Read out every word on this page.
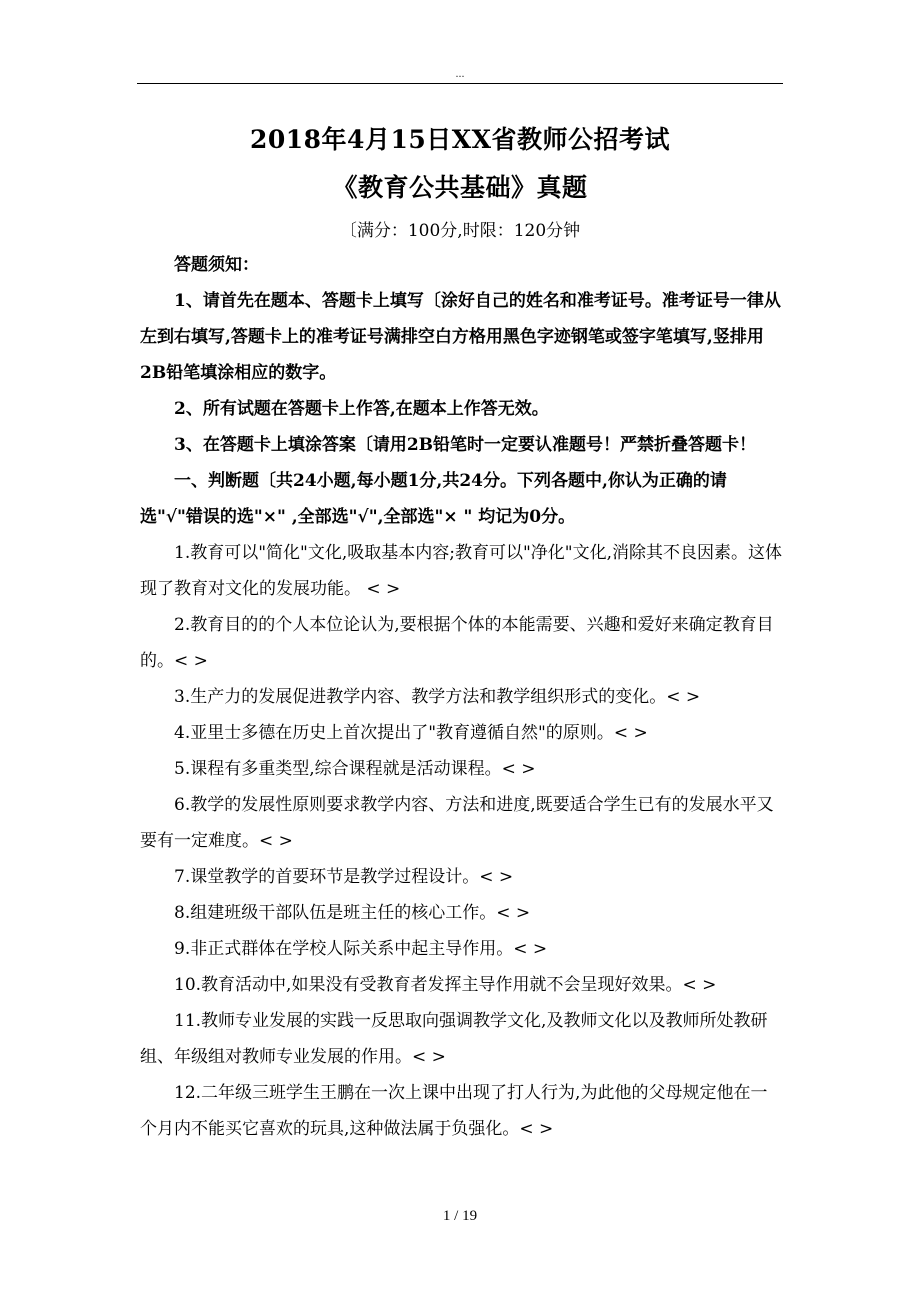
...
2018年4月15日XX省教师公招考试
《教育公共基础》真题
〔满分：100分,时限：120分钟

答题须知：

1、请首先在题本、答题卡上填写〔涂好自己的姓名和准考证号。准考证号一律从左到右填写,答题卡上的准考证号满排空白方格用黑色字迹钢笔或签字笔填写,竖排用2B铅笔填涂相应的数字。

2、所有试题在答题卡上作答,在题本上作答无效。

3、在答题卡上填涂答案〔请用2B铅笔时一定要认准题号！严禁折叠答题卡！

一、判断题〔共24小题,每小题1分,共24分。下列各题中,你认为正确的请选"√"错误的选"×" ,全部选"√",全部选"× " 均记为0分。

1.教育可以"简化"文化,吸取基本内容;教育可以"净化"文化,消除其不良因素。这体现了教育对文化的发展功能。 < >

2.教育目的的个人本位论认为,要根据个体的本能需要、兴趣和爱好来确定教育目的。< >

3.生产力的发展促进教学内容、教学方法和教学组织形式的变化。< >

4.亚里士多德在历史上首次提出了"教育遵循自然"的原则。< >

5.课程有多重类型,综合课程就是活动课程。< >

6.教学的发展性原则要求教学内容、方法和进度,既要适合学生已有的发展水平又要有一定难度。< >

7.课堂教学的首要环节是教学过程设计。< >

8.组建班级干部队伍是班主任的核心工作。< >

9.非正式群体在学校人际关系中起主导作用。< >

10.教育活动中,如果没有受教育者发挥主导作用就不会呈现好效果。< >

11.教师专业发展的实践一反思取向强调教学文化,及教师文化以及教师所处教研组、年级组对教师专业发展的作用。< >

12.二年级三班学生王鹏在一次上课中出现了打人行为,为此他的父母规定他在一个月内不能买它喜欢的玩具,这种做法属于负强化。< >

1 / 19
